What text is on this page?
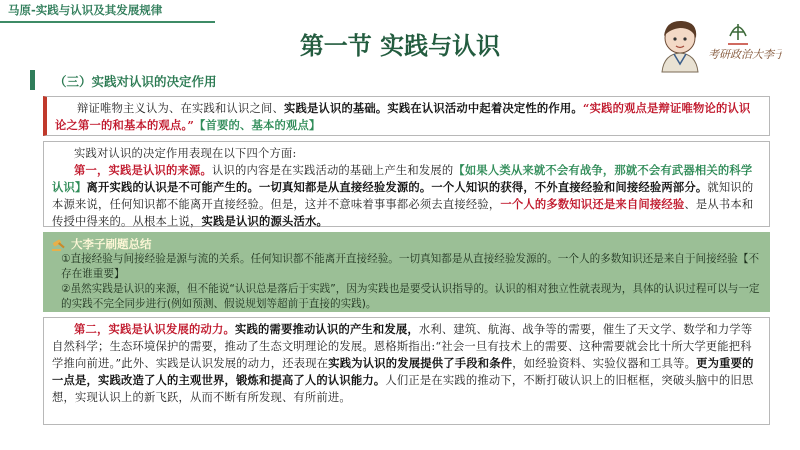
马原-实践与认识及其发展规律
第一节 实践与认识	考研政治大李子
（三）实践对认识的决定作用
辩证唯物主义认为、在实践和认识之间、实践是认识的基础。实践在认识活动中起着决定性的作用。“实践的观点是辩证唯物论的认识论之第一的和基本的观点。”【首要的、基本的观点】
实践对认识的决定作用表现在以下四个方面:
第一，实践是认识的来源。认识的内容是在实践活动的基础上产生和发展的【如果人类从来就不会有战争，那就不会有武器相关的科学认识】离开实践的认识是不可能产生的。一切真知都是从直接经验发源的。一个人知识的获得，不外直接经验和间接经验两部分。就知识的本源来说，任何知识都不能离开直接经验。但是，这并不意味着事事都必须去直接经验，一个人的多数知识还是来自间接经验、是从书本和传授中得来的。从根本上说，实践是认识的源头活水。
大李子刷题总结
①直接经验与间接经验是源与流的关系。任何知识都不能离开直接经验。一切真知都是从直接经验发源的。一个人的多数知识还是来自于间接经验【不存在谁重要】
②虽然实践是认识的来源，但不能说“认识总是落后于实践”，因为实践也是要受认识指导的。认识的相对独立性就表现为，具体的认识过程可以与一定的实践不完全同步进行(例如预测、假说规划等超前于直接的实践)。
第二，实践是认识发展的动力。实践的需要推动认识的产生和发展，水利、建筑、航海、战争等的需要，催生了天文学、数学和力学等自然科学；生态环境保护的需要，推动了生态文明理论的发展。恩格斯指出:“社会一旦有技术上的需要、这种需要就会比十所大学更能把科学推向前进。”此外、实践是认识发展的动力，还表现在实践为认识的发展提供了手段和条件，如经验资料、实验仪器和工具等。更为重要的一点是，实践改造了人的主观世界，锻炼和提高了人的认识能力。人们正是在实践的推动下，不断打破认识上的旧框框，突破头脑中的旧思想，实现认识上的新飞跃，从而不断有所发现、有所前进。
